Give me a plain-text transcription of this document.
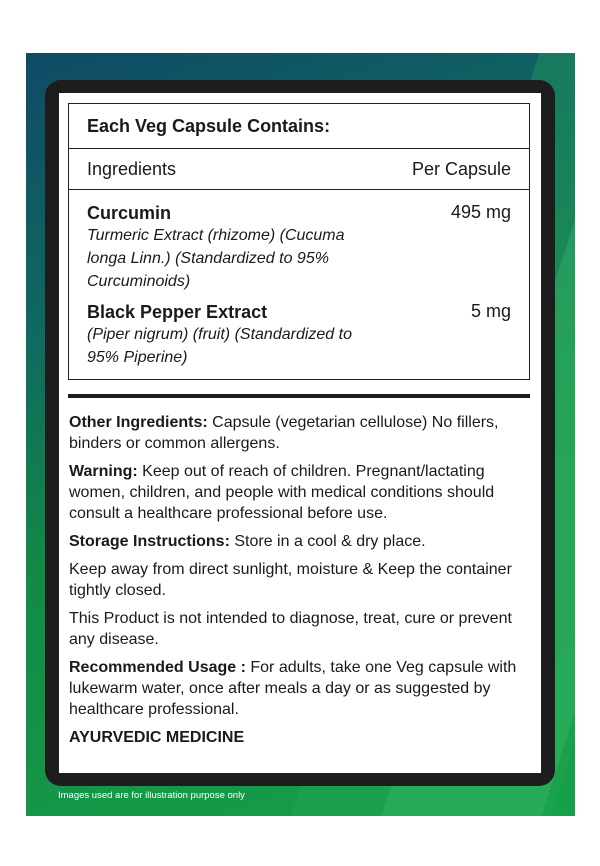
Each Veg Capsule Contains:
Ingredients	Per Capsule
Curcumin
Turmeric Extract (rhizome) (Cucuma longa Linn.) (Standardized to 95% Curcuminoids)
495 mg
Black Pepper Extract
(Piper nigrum) (fruit) (Standardized to 95% Piperine)
5 mg

Other Ingredients: Capsule (vegetarian cellulose) No fillers, binders or common allergens.

Warning: Keep out of reach of children. Pregnant/lactating women, children, and people with medical conditions should consult a healthcare professional before use.

Storage Instructions: Store in a cool & dry place.

Keep away from direct sunlight, moisture & Keep the container tightly closed.

This Product is not intended to diagnose, treat, cure or prevent any disease.

Recommended Usage : For adults, take one Veg capsule with lukewarm water, once after meals a day or as suggested by healthcare professional.

AYURVEDIC MEDICINE

Images used are for illustration purpose only
